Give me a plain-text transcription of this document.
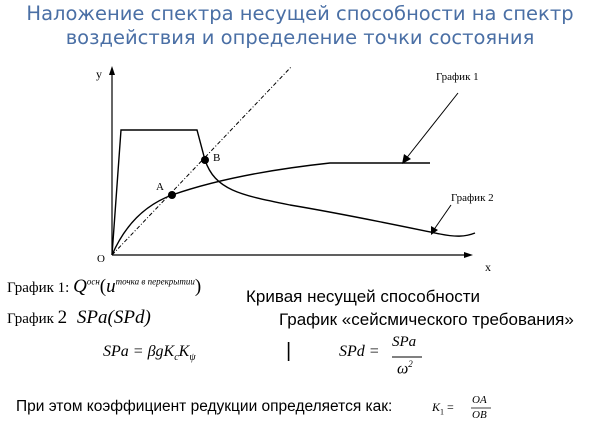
Наложение спектра несущей способности на спектр
воздействия и определение точки состояния
y
x
O
A
B
График 1
График 2
График 1: $Q^{осн}(u^{точка в перекрытии})$	Кривая несущей способности
График 2 SPa(SPd)	График «сейсмического требования»
SPa = $\beta gK_cK_\psi$	|	SPd =
SPa
$\omega^2$
При этом коэффициент редукции определяется как:	$K_1$ = OA
OB
